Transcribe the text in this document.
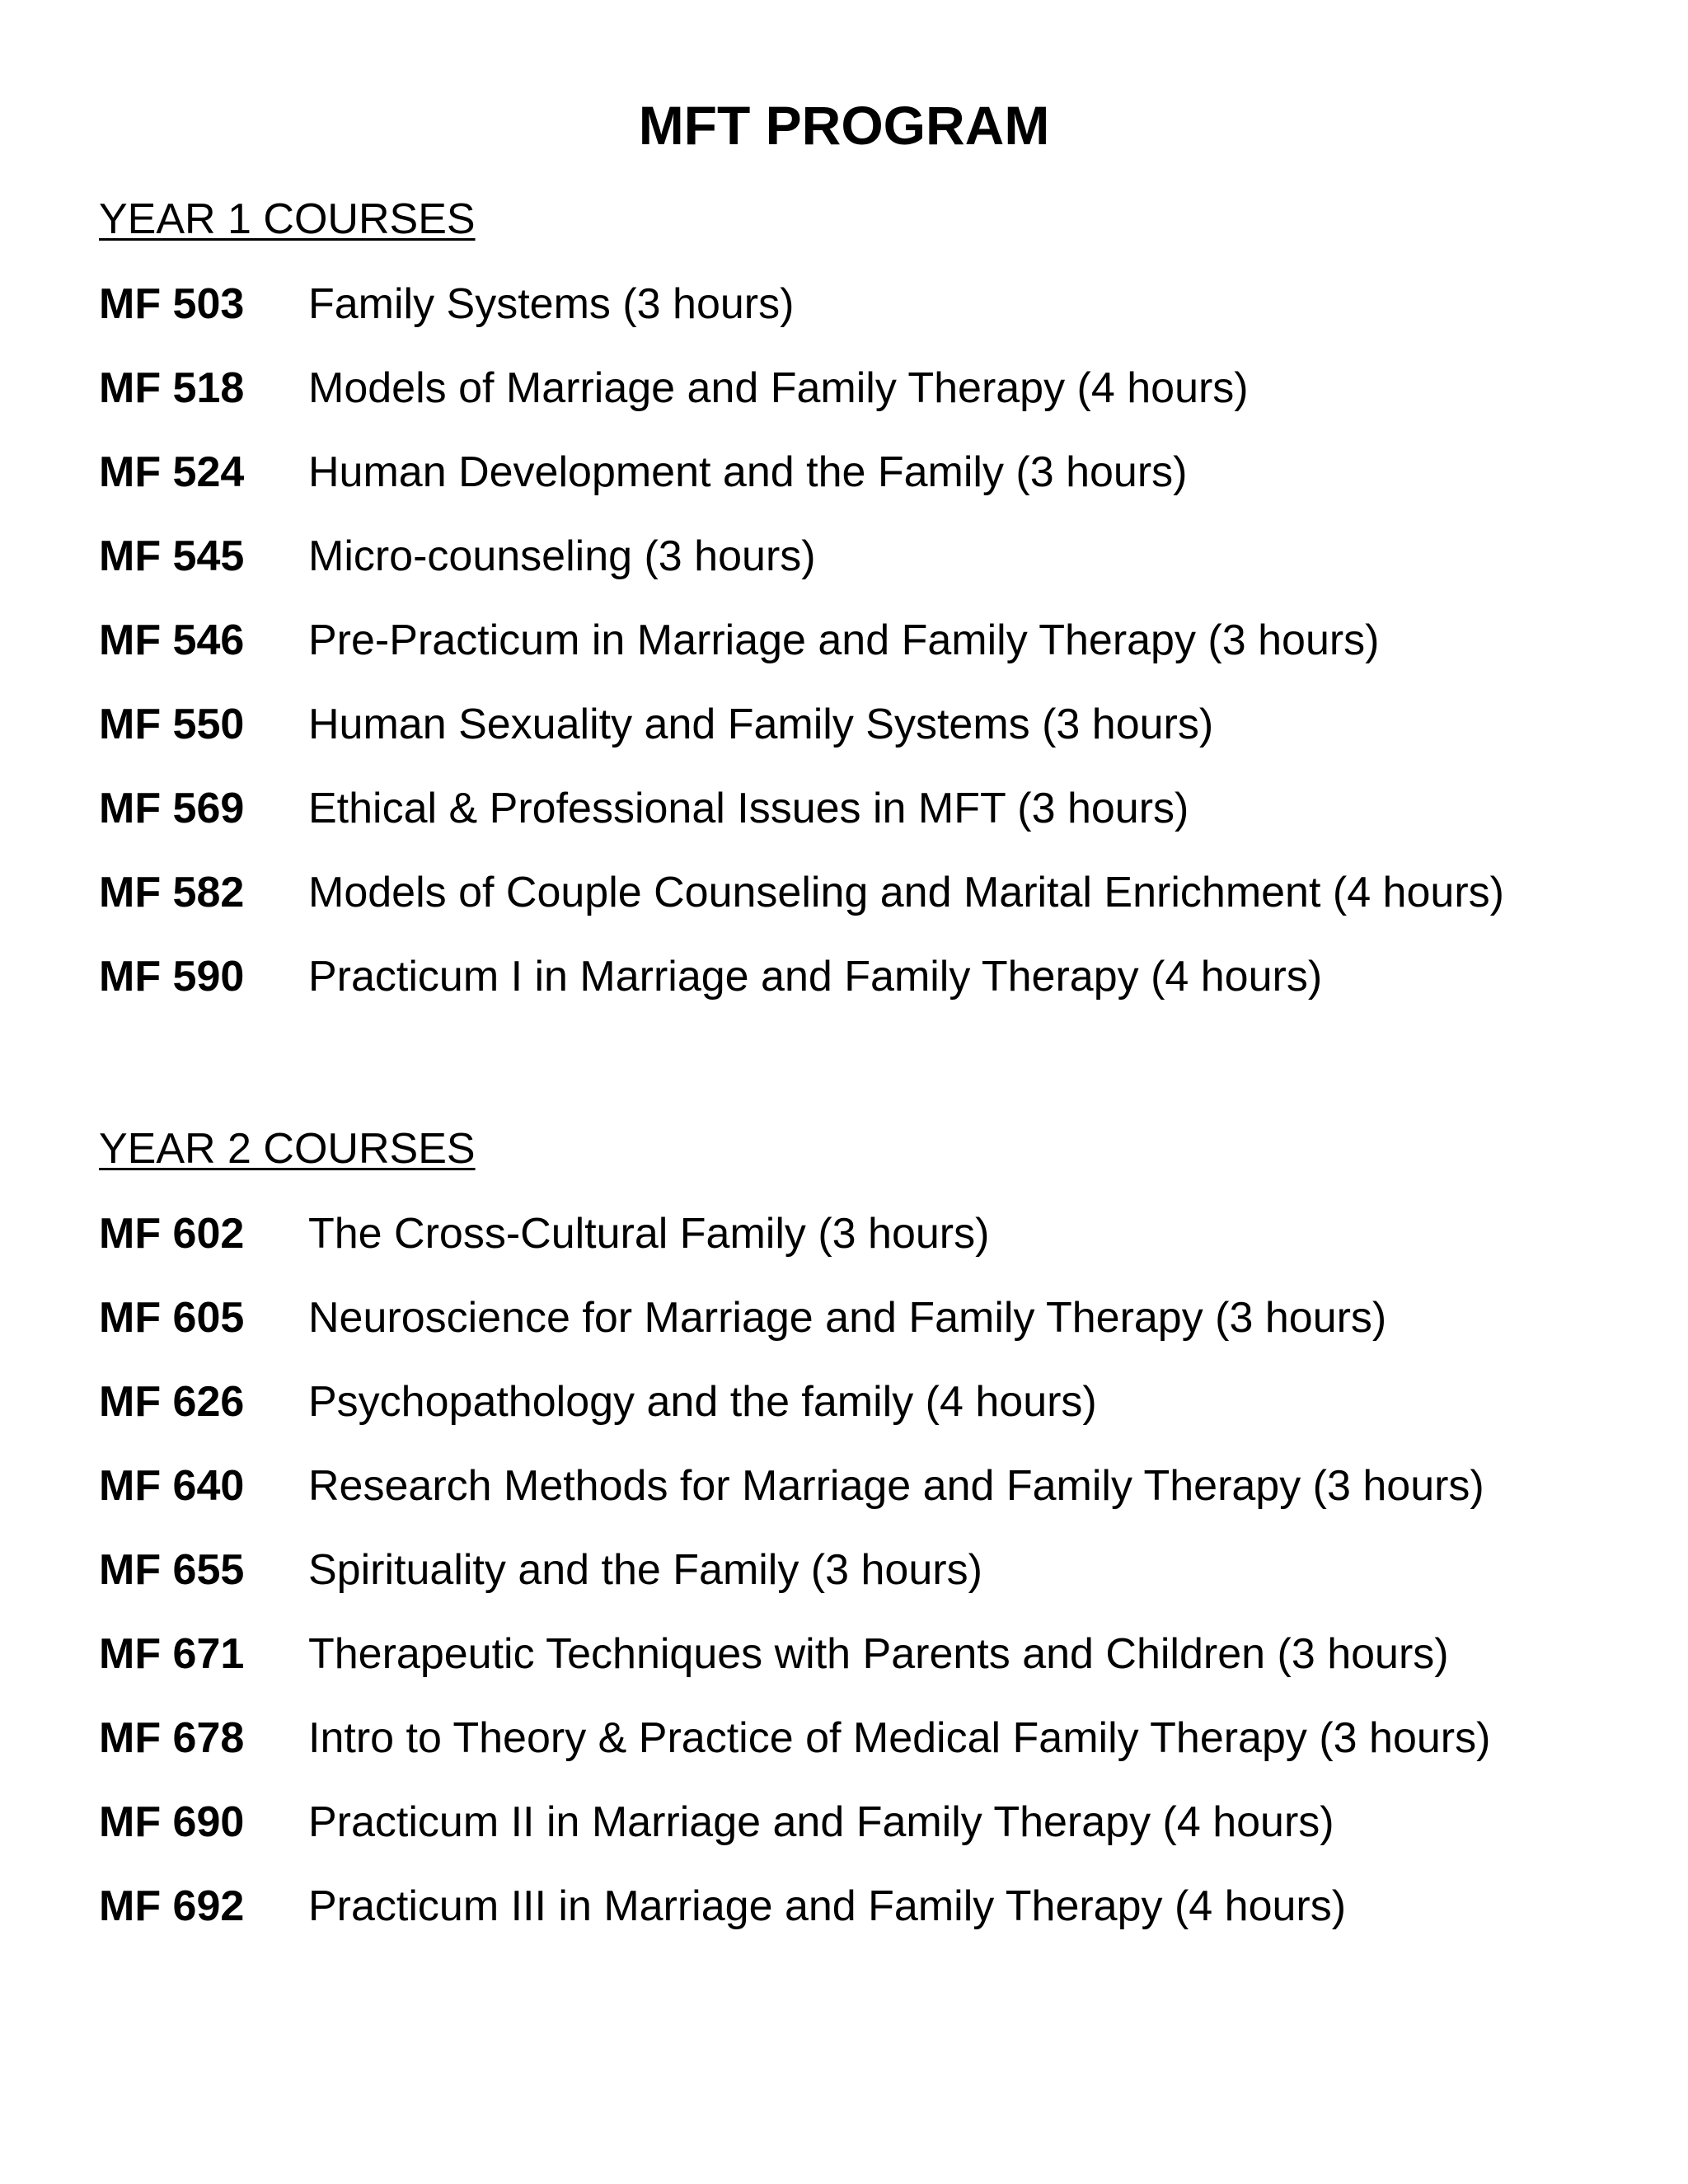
MFT PROGRAM
YEAR 1 COURSES
MF 503	Family Systems (3 hours)
MF 518	Models of Marriage and Family Therapy (4 hours)
MF 524	Human Development and the Family (3 hours)
MF 545	Micro-counseling (3 hours)
MF 546	Pre-Practicum in Marriage and Family Therapy (3 hours)
MF 550	Human Sexuality and Family Systems (3 hours)
MF 569	Ethical & Professional Issues in MFT (3 hours)
MF 582	Models of Couple Counseling and Marital Enrichment (4 hours)
MF 590	Practicum I in Marriage and Family Therapy (4 hours)
YEAR 2 COURSES
MF 602	The Cross-Cultural Family (3 hours)
MF 605	Neuroscience for Marriage and Family Therapy (3 hours)
MF 626	Psychopathology and the family (4 hours)
MF 640	Research Methods for Marriage and Family Therapy (3 hours)
MF 655	Spirituality and the Family (3 hours)
MF 671	Therapeutic Techniques with Parents and Children (3 hours)
MF 678	Intro to Theory & Practice of Medical Family Therapy (3 hours)
MF 690	Practicum II in Marriage and Family Therapy (4 hours)
MF 692	Practicum III in Marriage and Family Therapy (4 hours)
